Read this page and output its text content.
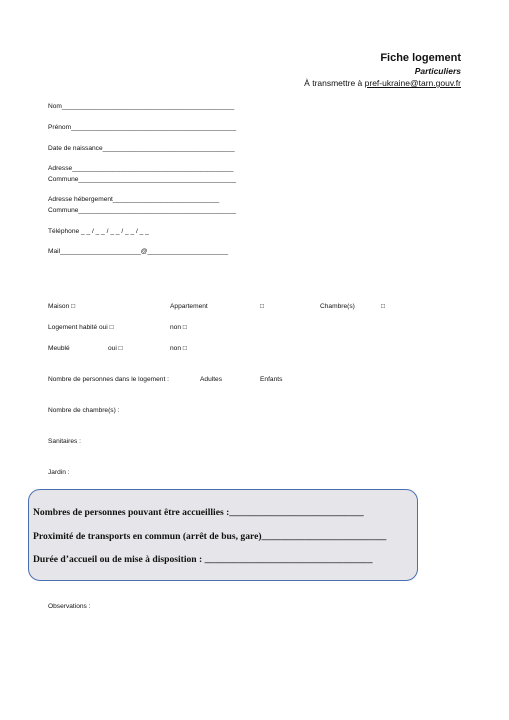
Fiche logement
Particuliers
À transmettre à pref-ukraine@tarn.gouv.fr
Nom_______________________________________________
Prénom_____________________________________________
Date de naissance____________________________________
Adresse____________________________________________
Commune___________________________________________
Adresse hébergement_____________________________
Commune___________________________________________
Téléphone _ _ / _ _ / _ _ / _ _ / _ _
Mail______________________@______________________
Maison □	Appartement	□	Chambre(s)	□
Logement habité oui □	non □
Meublé	oui □	non □
Nombre de personnes dans le logement :	Adultes	Enfants
Nombre de chambre(s) :
Sanitaires :
Jardin :
Nombres de personnes pouvant être accueillies :____________________________
Proximité de transports en commun (arrêt de bus, gare)__________________________
Durée d’accueil ou de mise à disposition : ___________________________________
Observations :
